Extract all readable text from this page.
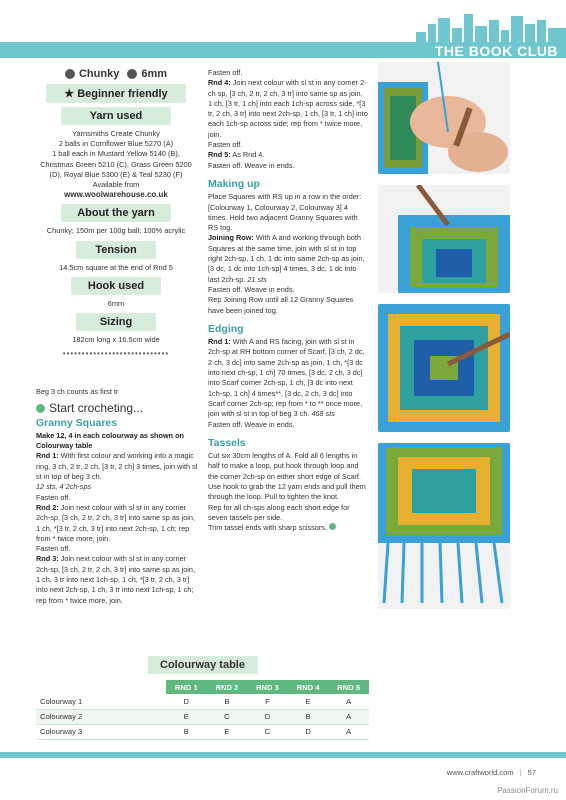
THE BOOK CLUB
Chunky 6mm
★ Beginner friendly
Yarn used
Yarnsmiths Create Chunky
2 balls in Cornflower Blue 5270 (A)
1 ball each in Mustard Yellow 5140 (B),
Christmas Green 5210 (C), Grass Green 5200
(D), Royal Blue 5300 (E) & Teal 5230 (F)
Available from
www.woolwarehouse.co.uk
About the yarn
Chunky; 150m per 100g ball; 100% acrylic
Tension
14.5cm square at the end of Rnd 5
Hook used
6mm
Sizing
182cm long x 16.5cm wide
••••••••••••••••••••••••••••
Beg 3 ch counts as first tr
Start crocheting...
Granny Squares
Make 12, 4 in each colourway as shown on Colourway table
Rnd 1: With first colour and working into a magic ring, 3 ch, 2 tr, 2 ch, [3 tr, 2 ch] 3 times, join with sl st in top of beg 3 ch.
12 sts, 4 2ch-sps
Fasten off.
Rnd 2: Join next colour with sl st in any corner 2ch-sp, [3 ch, 2 tr, 2 ch, 3 tr] into same sp as join, 1 ch, *[3 tr, 2 ch, 3 tr] into next 2ch-sp, 1 ch; rep from * twice more, join.
Fasten off.
Rnd 3: Join next colour with sl st in any corner 2ch-sp, [3 ch, 2 tr, 2 ch, 3 tr] into same sp as join, 1 ch, 3 tr into next 1ch-sp, 1 ch, *[3 tr, 2 ch, 3 tr] into next 2ch-sp, 1 ch, 3 tr into next 1ch-sp, 1 ch; rep from * twice more, join.
Fasten off.
Rnd 4: Join next colour with sl st in any corner 2-ch sp, [3 ch, 2 tr, 2 ch, 3 tr] into same sp as join, 1 ch, [3 tr, 1 ch] into each 1ch-sp across side, *[3 tr, 2 ch, 3 tr] into next 2ch-sp, 1 ch, [3 tr, 1 ch] into each 1ch-sp across side; rep from * twice more, join.
Fasten off.
Rnd 5: As Rnd 4.
Fasten off. Weave in ends.
Making up
Place Squares with RS up in a row in the order: [Colourway 1, Colourway 2, Colourway 3] 4 times. Hold two adjacent Granny Squares with RS tog.
Joining Row: With A and working through both Squares at the same time, join with sl st in top right 2ch-sp, 1 ch, 1 dc into same 2ch-sp as join, [3 dc, 1 dc into 1ch-sp] 4 times, 3 dc, 1 dc into last 2ch-sp. 21 sts
Fasten off. Weave in ends.
Rep Joining Row until all 12 Granny Squares have been joined tog.
Edging
Rnd 1: With A and RS facing, join with sl st in 2ch-sp at RH bottom corner of Scarf, [3 ch, 2 dc, 2 ch, 3 dc] into same 2ch-sp as join, 1 ch, *[3 dc into next ch-sp, 1 ch] 70 times, [3 dc, 2 ch, 3 dc] into Scarf corner 2ch-sp, 1 ch, [3 dc into next 1ch-sp, 1 ch] 4 times**, [3 dc, 2 ch, 3 dc] into Scarf corner 2ch-sp; rep from * to ** once more, join with sl st in top of beg 3 ch. 468 sts
Fasten off. Weave in ends.
Tassels
Cut six 30cm lengths of A. Fold all 6 lengths in half to make a loop, put hook through loop and the corner 2ch-sp on either short edge of Scarf. Use hook to grab the 12 yarn ends and pull them through the loop. Pull to tighten the knot.
Rep for all ch-sps along each short edge for seven tassels per side.
Trim tassel ends with sharp scissors.

Colourway table
	RND 1	RND 2	RND 3	RND 4	RND 5
Colourway 1	D	B	F	E	A
Colourway 2	E	C	D	B	A
Colourway 3	B	E	C	D	A
www.craftworld.com | 57
PassionForum.ru
